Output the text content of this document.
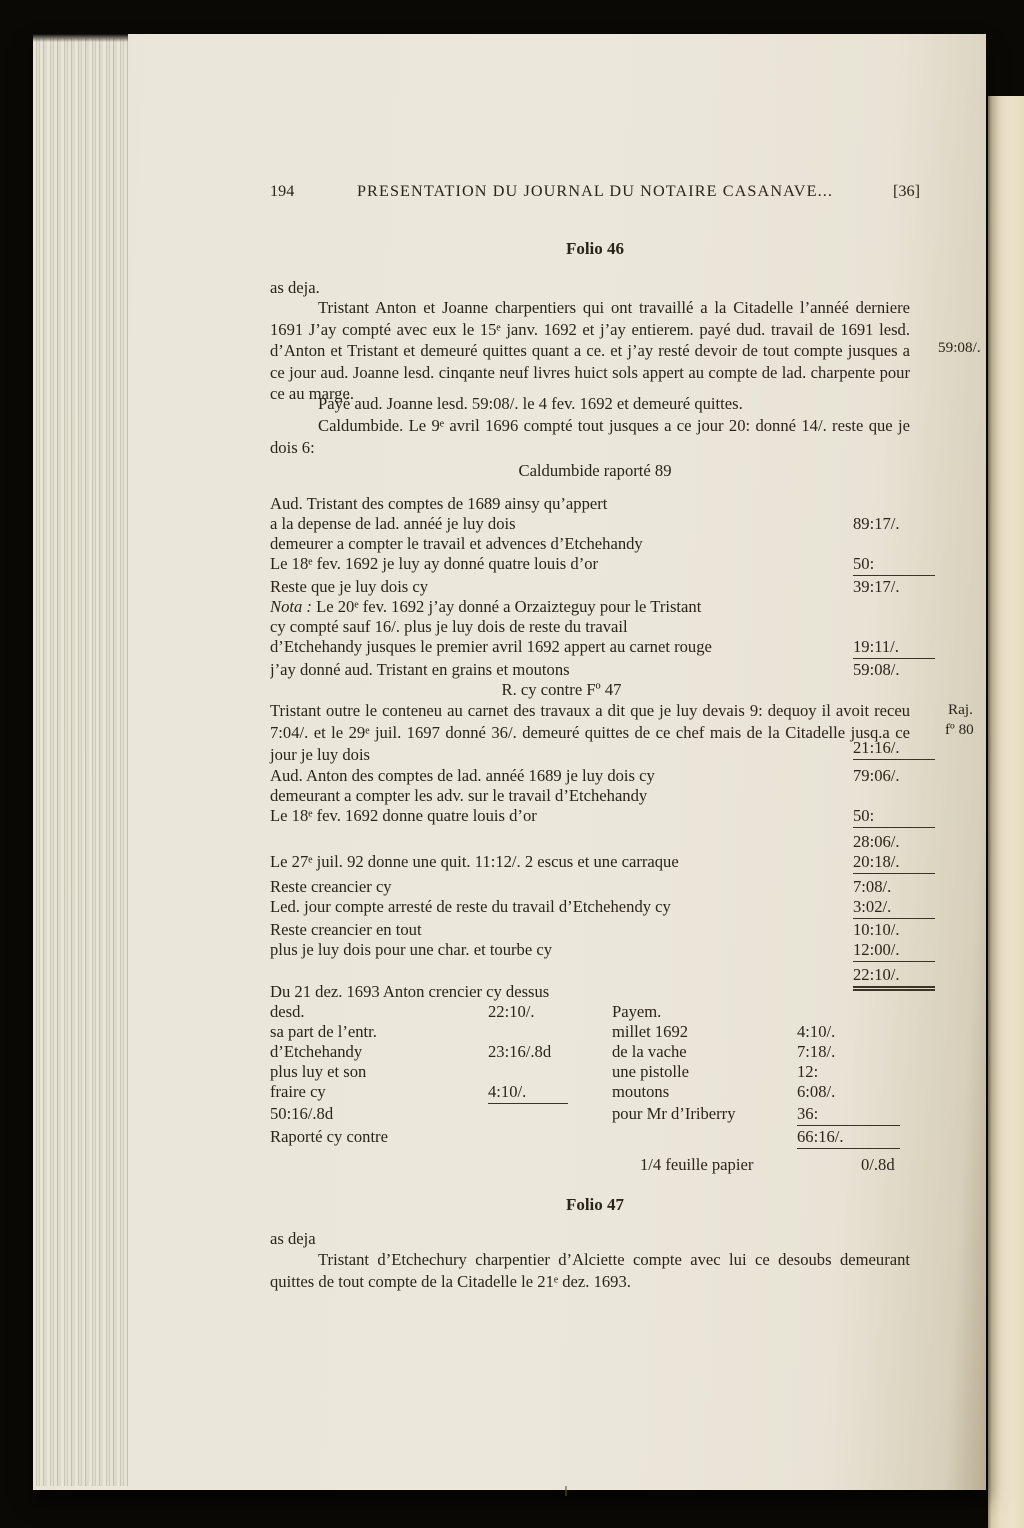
194	PRESENTATION DU JOURNAL DU NOTAIRE CASANAVE...	[36]
Folio 46
as deja.
Tristant Anton et Joanne charpentiers qui ont travaillé a la Citadelle l’annéé derniere 1691 J’ay compté avec eux le 15ᵉ janv. 1692 et j’ay entierem. payé dud. travail de 1691 lesd. d’Anton et Tristant et demeuré quittes quant a ce. et j’ay resté devoir de tout compte jusques a ce jour aud. Joanne lesd. cinqante neuf livres huict sols appert au compte de lad. charpente pour ce au marge.
59:08/.
Payé aud. Joanne lesd. 59:08/. le 4 fev. 1692 et demeuré quittes.
Caldumbide. Le 9ᵉ avril 1696 compté tout jusques a ce jour 20: donné 14/. reste que je dois 6:
Caldumbide raporté 89
Aud. Tristant des comptes de 1689 ainsy qu’appert
a la depense de lad. annéé je luy dois	89:17/.
demeurer a compter le travail et advences d’Etchehandy
Le 18ᵉ fev. 1692 je luy ay donné quatre louis d’or	50:
Reste que je luy dois cy	39:17/.
Nota : Le 20ᵉ fev. 1692 j’ay donné a Orzaizteguy pour le Tristant
cy compté sauf 16/. plus je luy dois de reste du travail
d’Etchehandy jusques le premier avril 1692 appert au carnet rouge	19:11/.
j’ay donné aud. Tristant en grains et moutons	59:08/.
R. cy contre Fº 47
Tristant outre le conteneu au carnet des travaux a dit que je luy devais 9: dequoy il avoit receu 7:04/. et le 29ᵉ juil. 1697 donné 36/. demeuré quittes de ce chef mais de la Citadelle jusq.a ce jour je luy dois	21:16/.
Raj.
fº 80
Aud. Anton des comptes de lad. annéé 1689 je luy dois cy	79:06/.
demeurant a compter les adv. sur le travail d’Etchehandy
Le 18ᵉ fev. 1692 donne quatre louis d’or	50:
28:06/.
Le 27ᵉ juil. 92 donne une quit. 11:12/. 2 escus et une carraque	20:18/.
Reste creancier cy	7:08/.
Led. jour compte arresté de reste du travail d’Etchehendy cy	3:02/.
Reste creancier en tout	10:10/.
plus je luy dois pour une char. et tourbe cy	12:00/.
22:10/.
Du 21 dez. 1693 Anton crencier cy dessus
desd.	22:10/.	Payem.
sa part de l’entr.	millet 1692	4:10/.
d’Etchehandy	23:16/.8d	de la vache	7:18/.
plus luy et son	une pistolle	12:
fraire cy	4:10/.	moutons	6:08/.
50:16/.8d	pour Mr d’Iriberry	36:
Raporté cy contre	66:16/.
1/4 feuille papier	0/.8d
Folio 47
as deja
Tristant d’Etchechury charpentier d’Alciette compte avec lui ce desoubs demeurant quittes de tout compte de la Citadelle le 21ᵉ dez. 1693.
